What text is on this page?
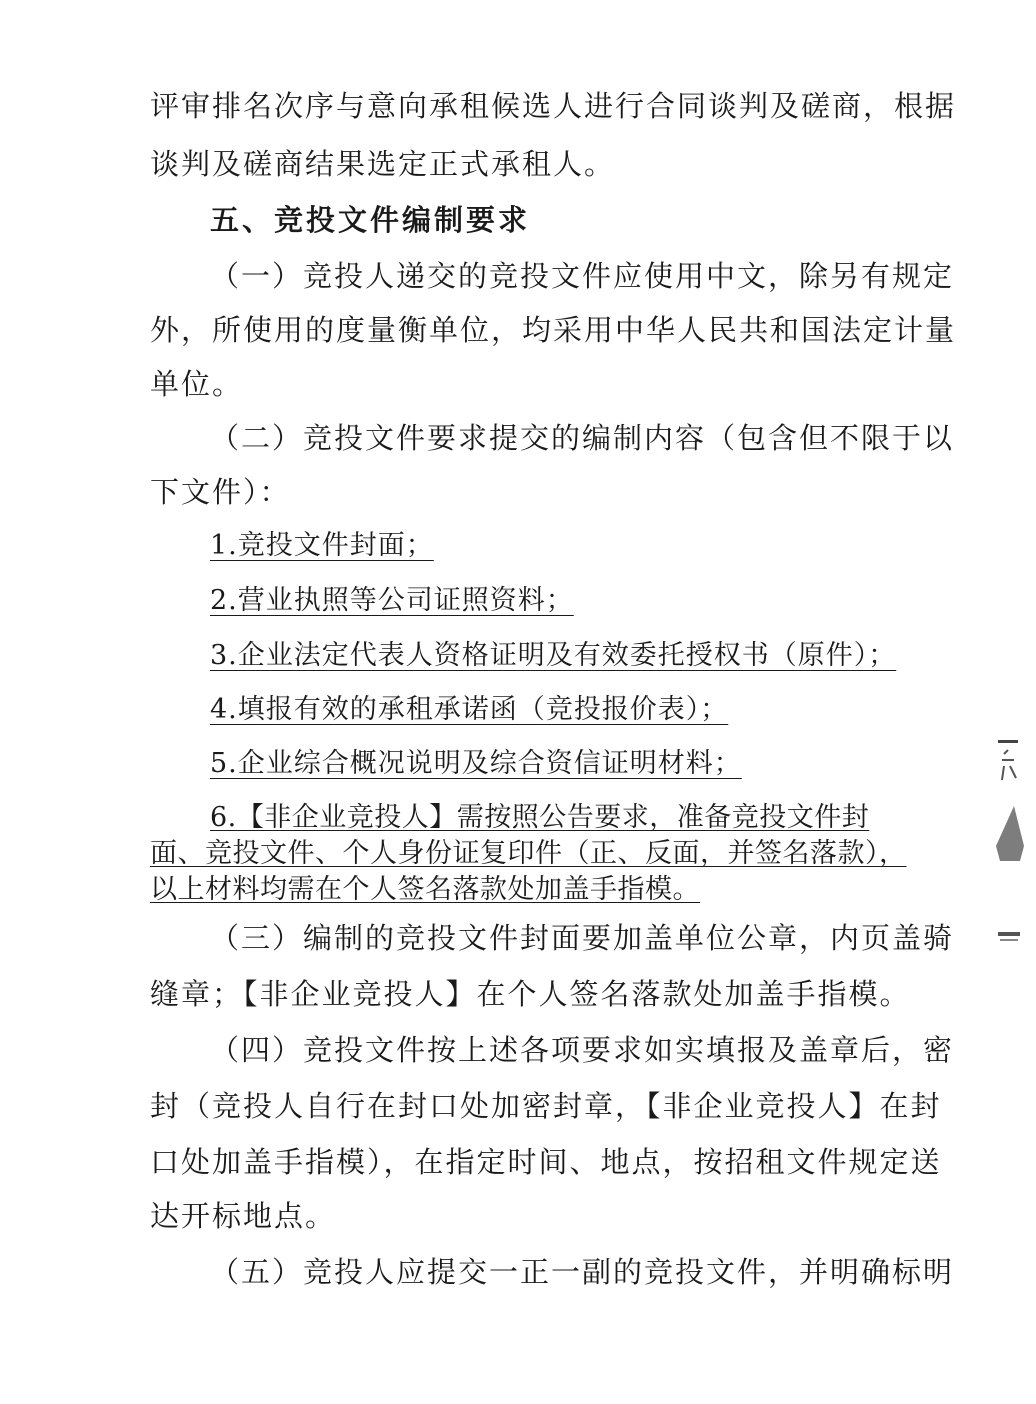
评审排名次序与意向承租候选人进行合同谈判及磋商，根据
谈判及磋商结果选定正式承租人。
五、竞投文件编制要求
（一）竞投人递交的竞投文件应使用中文，除另有规定
外，所使用的度量衡单位，均采用中华人民共和国法定计量
单位。
（二）竞投文件要求提交的编制内容（包含但不限于以
下文件）：
1.竞投文件封面；
2.营业执照等公司证照资料；
3.企业法定代表人资格证明及有效委托授权书（原件）；
4.填报有效的承租承诺函（竞投报价表）；
5.企业综合概况说明及综合资信证明材料；
6.【非企业竞投人】需按照公告要求，准备竞投文件封
面、竞投文件、个人身份证复印件（正、反面，并签名落款），
以上材料均需在个人签名落款处加盖手指模。
（三）编制的竞投文件封面要加盖单位公章，内页盖骑
缝章；【非企业竞投人】在个人签名落款处加盖手指模。
（四）竞投文件按上述各项要求如实填报及盖章后，密
封（竞投人自行在封口处加密封章，【非企业竞投人】在封
口处加盖手指模），在指定时间、地点，按招租文件规定送
达开标地点。
（五）竞投人应提交一正一副的竞投文件，并明确标明
